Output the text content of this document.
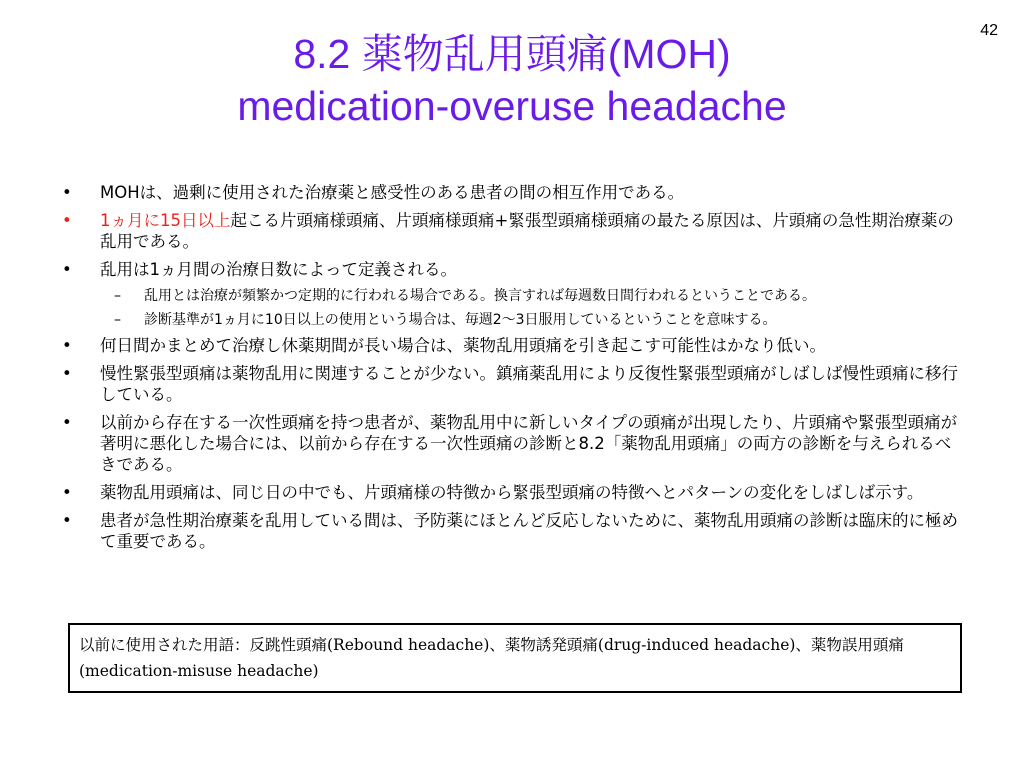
42
8.2 薬物乱用頭痛(MOH)
medication-overuse headache
• MOHは、過剰に使用された治療薬と感受性のある患者の間の相互作用である。
• 1ヵ月に15日以上起こる片頭痛様頭痛、片頭痛様頭痛+緊張型頭痛様頭痛の最たる原因は、片頭痛の急性期治療薬の乱用である。
• 乱用は1ヵ月間の治療日数によって定義される。
– 乱用とは治療が頻繁かつ定期的に行われる場合である。換言すれば毎週数日間行われるということである。
– 診断基準が1ヵ月に10日以上の使用という場合は、毎週2～3日服用しているということを意味する。
• 何日間かまとめて治療し休薬期間が長い場合は、薬物乱用頭痛を引き起こす可能性はかなり低い。
• 慢性緊張型頭痛は薬物乱用に関連することが少ない。鎮痛薬乱用により反復性緊張型頭痛がしばしば慢性頭痛に移行している。
• 以前から存在する一次性頭痛を持つ患者が、薬物乱用中に新しいタイプの頭痛が出現したり、片頭痛や緊張型頭痛が著明に悪化した場合には、以前から存在する一次性頭痛の診断と8.2「薬物乱用頭痛」の両方の診断を与えられるべきである。
• 薬物乱用頭痛は、同じ日の中でも、片頭痛様の特徴から緊張型頭痛の特徴へとパターンの変化をしばしば示す。
• 患者が急性期治療薬を乱用している間は、予防薬にほとんど反応しないために、薬物乱用頭痛の診断は臨床的に極めて重要である。
以前に使用された用語：反跳性頭痛(Rebound headache)、薬物誘発頭痛(drug-induced headache)、薬物誤用頭痛(medication-misuse headache)
